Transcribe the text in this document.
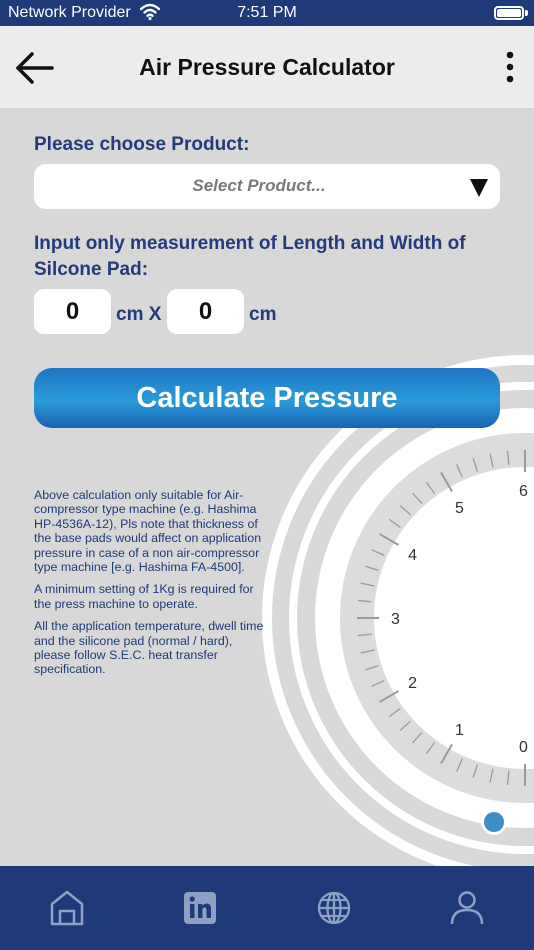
Network Provider	7:51 PM
Air Pressure Calculator
0
1
2
3
4
5
6
Please choose Product:
Select Product...
Input only measurement of Length and Width of
Silcone Pad:
0
cm X
0	cm
Calculate Pressure

Above calculation only suitable for Air-compressor type machine (e.g. Hashima HP-4536A-12), Pls note that thickness of the base pads would affect on application pressure in case of a non air-compressor type machine [e.g. Hashima FA-4500].

A minimum setting of 1Kg is required for the press machine to operate.

All the application temperature, dwell time and the silicone pad (normal / hard), please follow S.E.C. heat transfer specification.
